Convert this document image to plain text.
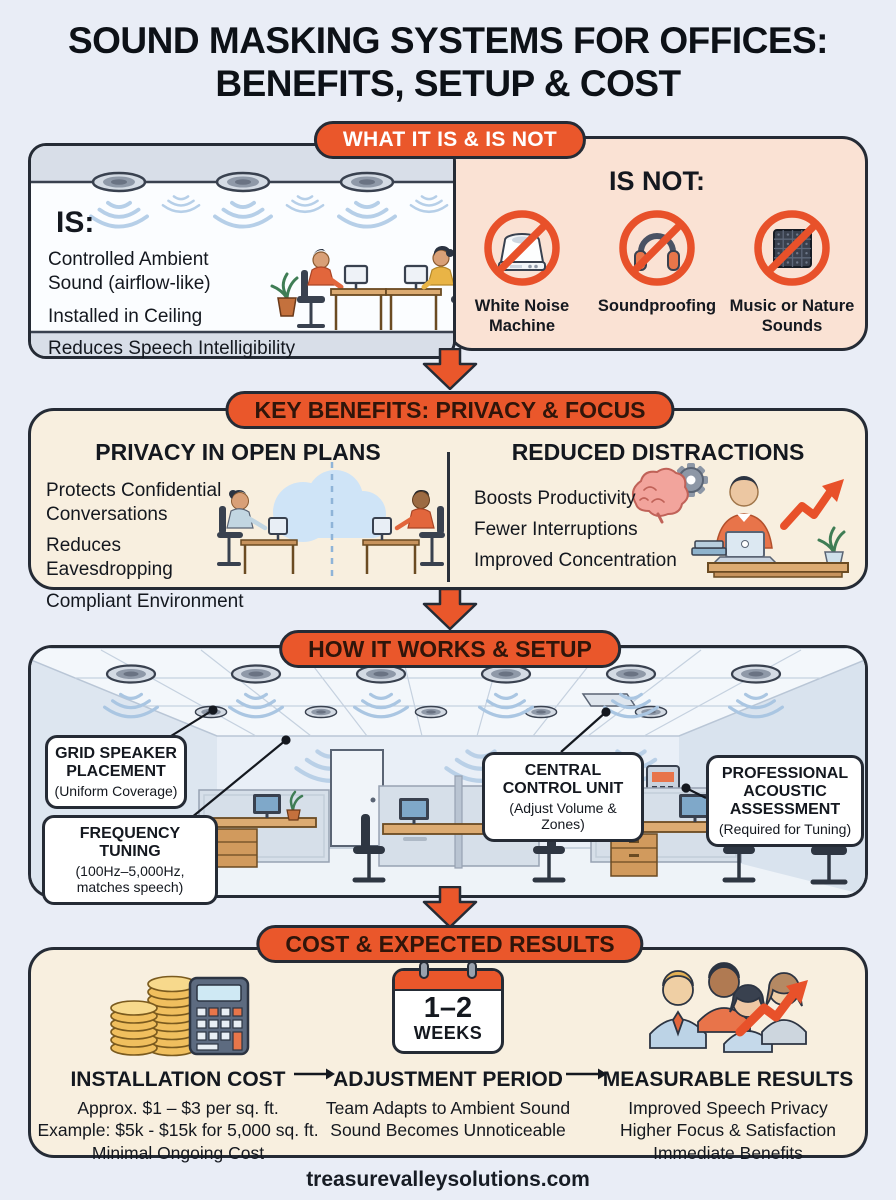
SOUND MASKING SYSTEMS FOR OFFICES:
BENEFITS, SETUP & COST
WHAT IT IS & IS NOT
IS:
Controlled Ambient Sound (airflow-like)
Installed in Ceiling
Reduces Speech Intelligibility
IS NOT:
White Noise Machine
Soundproofing Music or Nature Sounds
KEY BENEFITS: PRIVACY & FOCUS
PRIVACY IN OPEN PLANS
Protects Confidential Conversations
Reduces Eavesdropping
Compliant Environment
REDUCED DISTRACTIONS
Boosts Productivity
Fewer Interruptions
Improved Concentration
HOW IT WORKS & SETUP
GRID SPEAKER PLACEMENT
(Uniform Coverage)
FREQUENCY TUNING
(100Hz–5,000Hz, matches speech)
CENTRAL CONTROL UNIT
(Adjust Volume & Zones)
PROFESSIONAL ACOUSTIC ASSESSMENT
(Required for Tuning)
COST & EXPECTED RESULTS
INSTALLATION COST
Approx. $1 – $3 per sq. ft.
Example: $5k - $15k for 5,000 sq. ft.
Minimal Ongoing Cost
1–2
WEEKS
ADJUSTMENT PERIOD
Team Adapts to Ambient Sound
Sound Becomes Unnoticeable
MEASURABLE RESULTS
Improved Speech Privacy
Higher Focus & Satisfaction
Immediate Benefits
treasurevalleysolutions.com
